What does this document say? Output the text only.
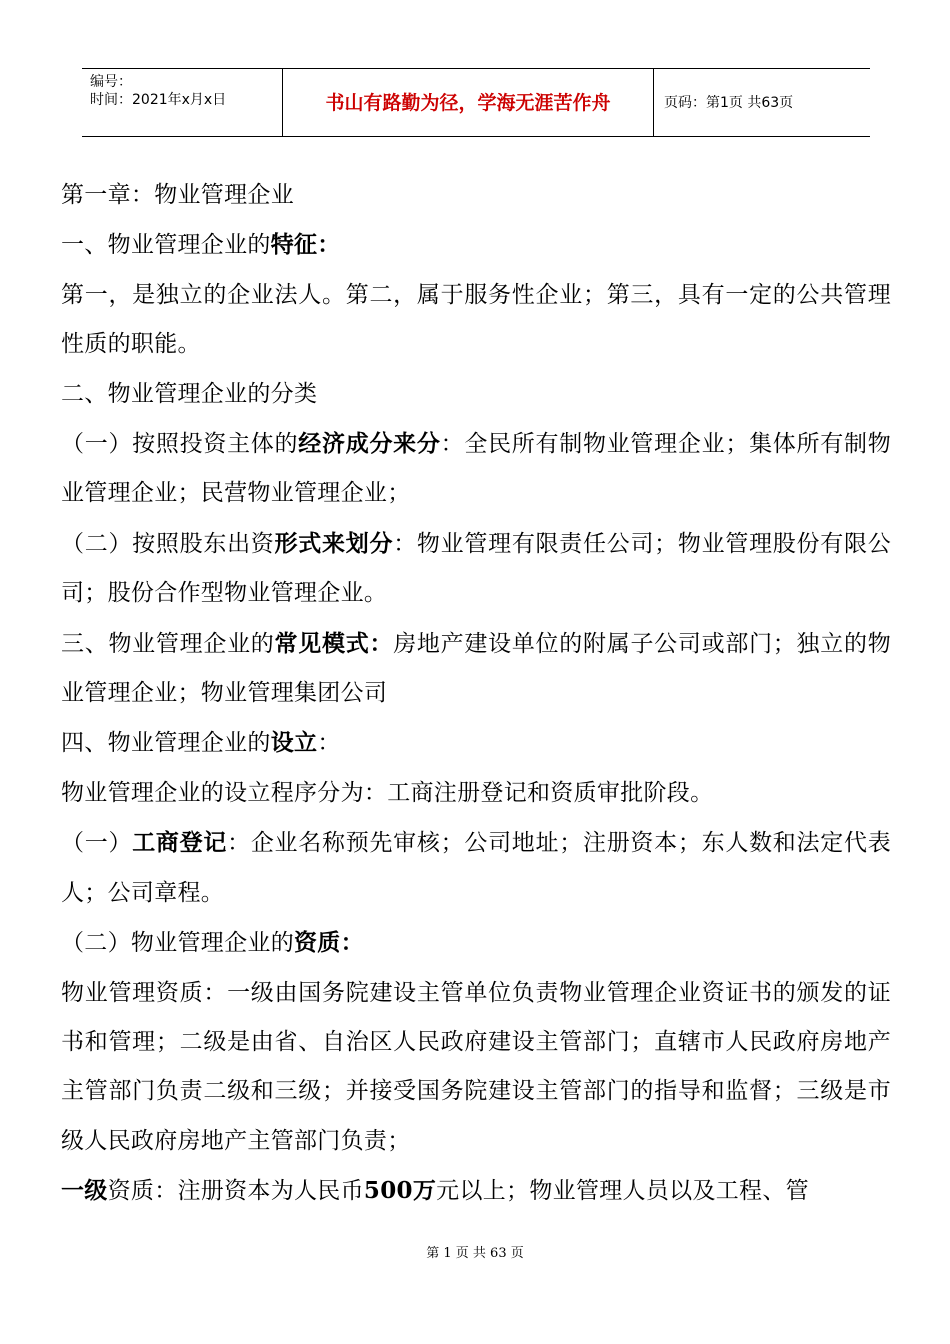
编号：
时间：2021年x月x日	书山有路勤为径，学海无涯苦作舟	页码：第1页 共63页

第一章：物业管理企业

一、物业管理企业的特征：

第一，是独立的企业法人。第二，属于服务性企业；第三，具有一定的公共管理性质的职能。

二、物业管理企业的分类

（一）按照投资主体的经济成分来分：全民所有制物业管理企业；集体所有制物业管理企业；民营物业管理企业；

（二）按照股东出资形式来划分：物业管理有限责任公司；物业管理股份有限公司；股份合作型物业管理企业。

三、物业管理企业的常见模式：房地产建设单位的附属子公司或部门；独立的物业管理企业；物业管理集团公司

四、物业管理企业的设立：

物业管理企业的设立程序分为：工商注册登记和资质审批阶段。

（一）工商登记：企业名称预先审核；公司地址；注册资本；东人数和法定代表人；公司章程。

（二）物业管理企业的资质：

物业管理资质：一级由国务院建设主管单位负责物业管理企业资证书的颁发的证书和管理；二级是由省、自治区人民政府建设主管部门；直辖市人民政府房地产主管部门负责二级和三级；并接受国务院建设主管部门的指导和监督；三级是市级人民政府房地产主管部门负责；

一级资质：注册资本为人民币500万元以上；物业管理人员以及工程、管

第 1 页 共 63 页
